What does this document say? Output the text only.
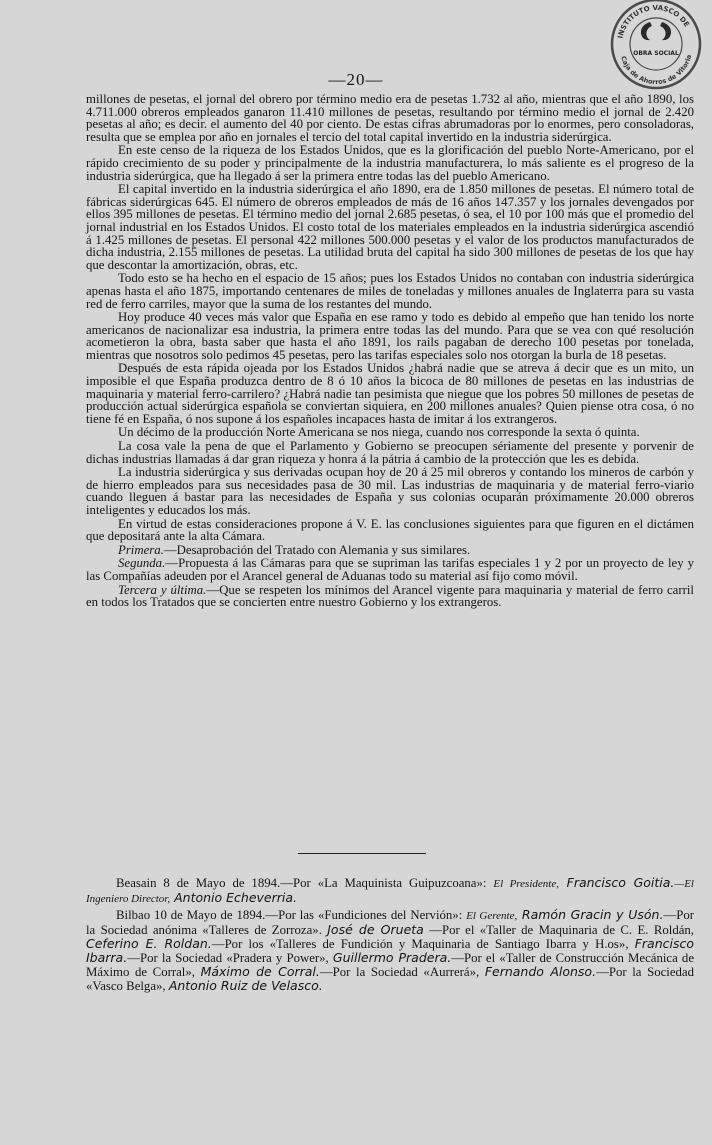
INSTITUTO VASCO DE
Caja de Ahorros de Vitoria
OBRA SOCIAL
—20—

millones de pesetas, el jornal del obrero por término medio era de pesetas 1.732 al año, mientras que el año 1890, los 4.711.000 obreros empleados ganaron 11.410 millones de pesetas, resultando por término medio el jornal de 2.420 pesetas al año; es decir. el aumento del 40 por ciento. De estas cifras abrumadoras por lo enormes, pero consoladoras, resulta que se emplea por año en jornales el tercio del total capital invertido en la industria siderúrgica.

En este censo de la riqueza de los Estados Unidos, que es la glorificación del pueblo Norte-Americano, por el rápido crecimiento de su poder y principalmente de la industria manufacturera, lo más saliente es el progreso de la industria siderúrgica, que ha llegado á ser la primera entre todas las del pueblo Americano.

El capital invertido en la industria siderúrgica el año 1890, era de 1.850 millones de pesetas. El número total de fábricas siderúrgicas 645. El número de obreros empleados de más de 16 años 147.357 y los jornales devengados por ellos 395 millones de pesetas. El término medio del jornal 2.685 pesetas, ó sea, el 10 por 100 más que el promedio del jornal industrial en los Estados Unidos. El costo total de los materiales empleados en la industria siderúrgica ascendió á 1.425 millones de pesetas. El personal 422 millones 500.000 pesetas y el valor de los productos manufacturados de dicha industria, 2.155 millones de pesetas. La utilidad bruta del capital ha sido 300 millones de pesetas de los que hay que descontar la amortización, obras, etc.

Todo esto se ha hecho en el espacio de 15 años; pues los Estados Unidos no contaban con industria siderúrgica apenas hasta el año 1875, importando centenares de miles de toneladas y millones anuales de Inglaterra para su vasta red de ferro carriles, mayor que la suma de los restantes del mundo.

Hoy produce 40 veces más valor que España en ese ramo y todo es debido al empeño que han tenido los norte americanos de nacionalizar esa industria, la primera entre todas las del mundo. Para que se vea con qué resolución acometieron la obra, basta saber que hasta el año 1891, los rails pagaban de derecho 100 pesetas por tonelada, mientras que nosotros solo pedimos 45 pesetas, pero las tarifas especiales solo nos otorgan la burla de 18 pesetas.

Después de esta rápida ojeada por los Estados Unidos ¿habrá nadie que se atreva á decir que es un mito, un imposible el que España produzca dentro de 8 ó 10 años la bicoca de 80 millones de pesetas en las industrias de maquinaria y material ferro-carrilero? ¿Habrá nadie tan pesimista que niegue que los pobres 50 millones de pesetas de producción actual siderúrgica española se conviertan siquiera, en 200 millones anuales? Quien piense otra cosa, ó no tiene fé en España, ó nos supone á los españoles incapaces hasta de imitar á los extrangeros.

Un décimo de la producción Norte Americana se nos niega, cuando nos corresponde la sexta ó quinta.

La cosa vale la pena de que el Parlamento y Gobierno se preocupen sériamente del presente y porvenir de dichas industrias llamadas á dar gran riqueza y honra á la pátria á cambio de la protección que les es debida.

La industria siderúrgica y sus derivadas ocupan hoy de 20 á 25 mil obreros y contando los mineros de carbón y de hierro empleados para sus necesidades pasa de 30 mil. Las industrias de maquinaria y de material ferro-viario cuando lleguen á bastar para las necesidades de España y sus colonias ocuparán próximamente 20.000 obreros inteligentes y educados los más.

En virtud de estas consideraciones propone á V. E. las conclusiones siguientes para que figuren en el dictámen que depositará ante la alta Cámara.

Primera.—Desaprobación del Tratado con Alemania y sus similares.

Segunda.—Propuesta á las Cámaras para que se supriman las tarifas especiales 1 y 2 por un proyecto de ley y las Compañías adeuden por el Arancel general de Aduanas todo su material así fijo como móvil.

Tercera y última.—Que se respeten los mínimos del Arancel vigente para maquinaria y material de ferro carril en todos los Tratados que se concierten entre nuestro Gobierno y los extrangeros.

Beasain 8 de Mayo de 1894.—Por «La Maquinista Guipuzcoana»: El Presidente, Francisco Goitia.—El Ingeniero Director, Antonio Echeverria.

Bilbao 10 de Mayo de 1894.—Por las «Fundiciones del Nervión»: El Gerente, Ramón Gracin y Usón.—Por la Sociedad anónima «Talleres de Zorroza». José de Orueta —Por el «Taller de Maquinaria de C. E. Roldán, Ceferino E. Roldan.—Por los «Talleres de Fundición y Maquinaria de Santiago Ibarra y H.os», Francisco Ibarra.—Por la Sociedad «Pradera y Power», Guillermo Pradera.—Por el «Taller de Construcción Mecánica de Máximo de Corral», Máximo de Corral.—Por la Sociedad «Aurrerá», Fernando Alonso.—Por la Sociedad «Vasco Belga», Antonio Ruiz de Velasco.
